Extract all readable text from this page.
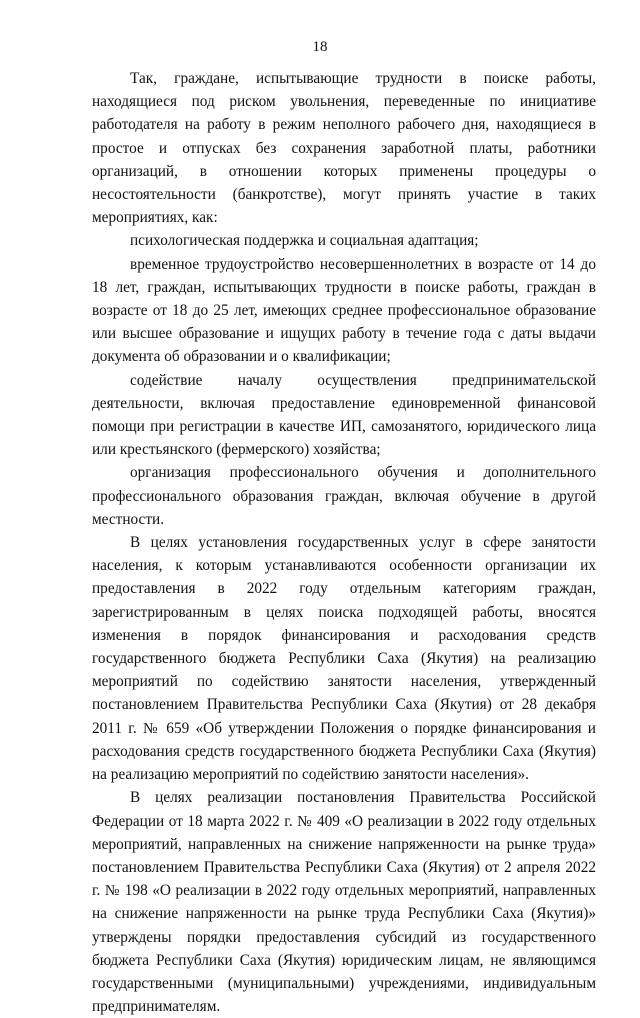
18

Так, граждане, испытывающие трудности в поиске работы, находящиеся под риском увольнения, переведенные по инициативе работодателя на работу в режим неполного рабочего дня, находящиеся в простое и отпусках без сохранения заработной платы, работники организаций, в отношении которых применены процедуры о несостоятельности (банкротстве), могут принять участие в таких мероприятиях, как:

психологическая поддержка и социальная адаптация;

временное трудоустройство несовершеннолетних в возрасте от 14 до 18 лет, граждан, испытывающих трудности в поиске работы, граждан в возрасте от 18 до 25 лет, имеющих среднее профессиональное образование или высшее образование и ищущих работу в течение года с даты выдачи документа об образовании и о квалификации;

содействие началу осуществления предпринимательской деятельности, включая предоставление единовременной финансовой помощи при регистрации в качестве ИП, самозанятого, юридического лица или крестьянского (фермерского) хозяйства;

организация профессионального обучения и дополнительного профессионального образования граждан, включая обучение в другой местности.

В целях установления государственных услуг в сфере занятости населения, к которым устанавливаются особенности организации их предоставления в 2022 году отдельным категориям граждан, зарегистрированным в целях поиска подходящей работы, вносятся изменения в порядок финансирования и расходования средств государственного бюджета Республики Саха (Якутия) на реализацию мероприятий по содействию занятости населения, утвержденный постановлением Правительства Республики Саха (Якутия) от 28 декабря 2011 г. № 659 «Об утверждении Положения о порядке финансирования и расходования средств государственного бюджета Республики Саха (Якутия) на реализацию мероприятий по содействию занятости населения».

В целях реализации постановления Правительства Российской Федерации от 18 марта 2022 г. № 409 «О реализации в 2022 году отдельных мероприятий, направленных на снижение напряженности на рынке труда» постановлением Правительства Республики Саха (Якутия) от 2 апреля 2022 г. № 198 «О реализации в 2022 году отдельных мероприятий, направленных на снижение напряженности на рынке труда Республики Саха (Якутия)» утверждены порядки предоставления субсидий из государственного бюджета Республики Саха (Якутия) юридическим лицам, не являющимся государственными (муниципальными) учреждениями, индивидуальным предпринимателям.
